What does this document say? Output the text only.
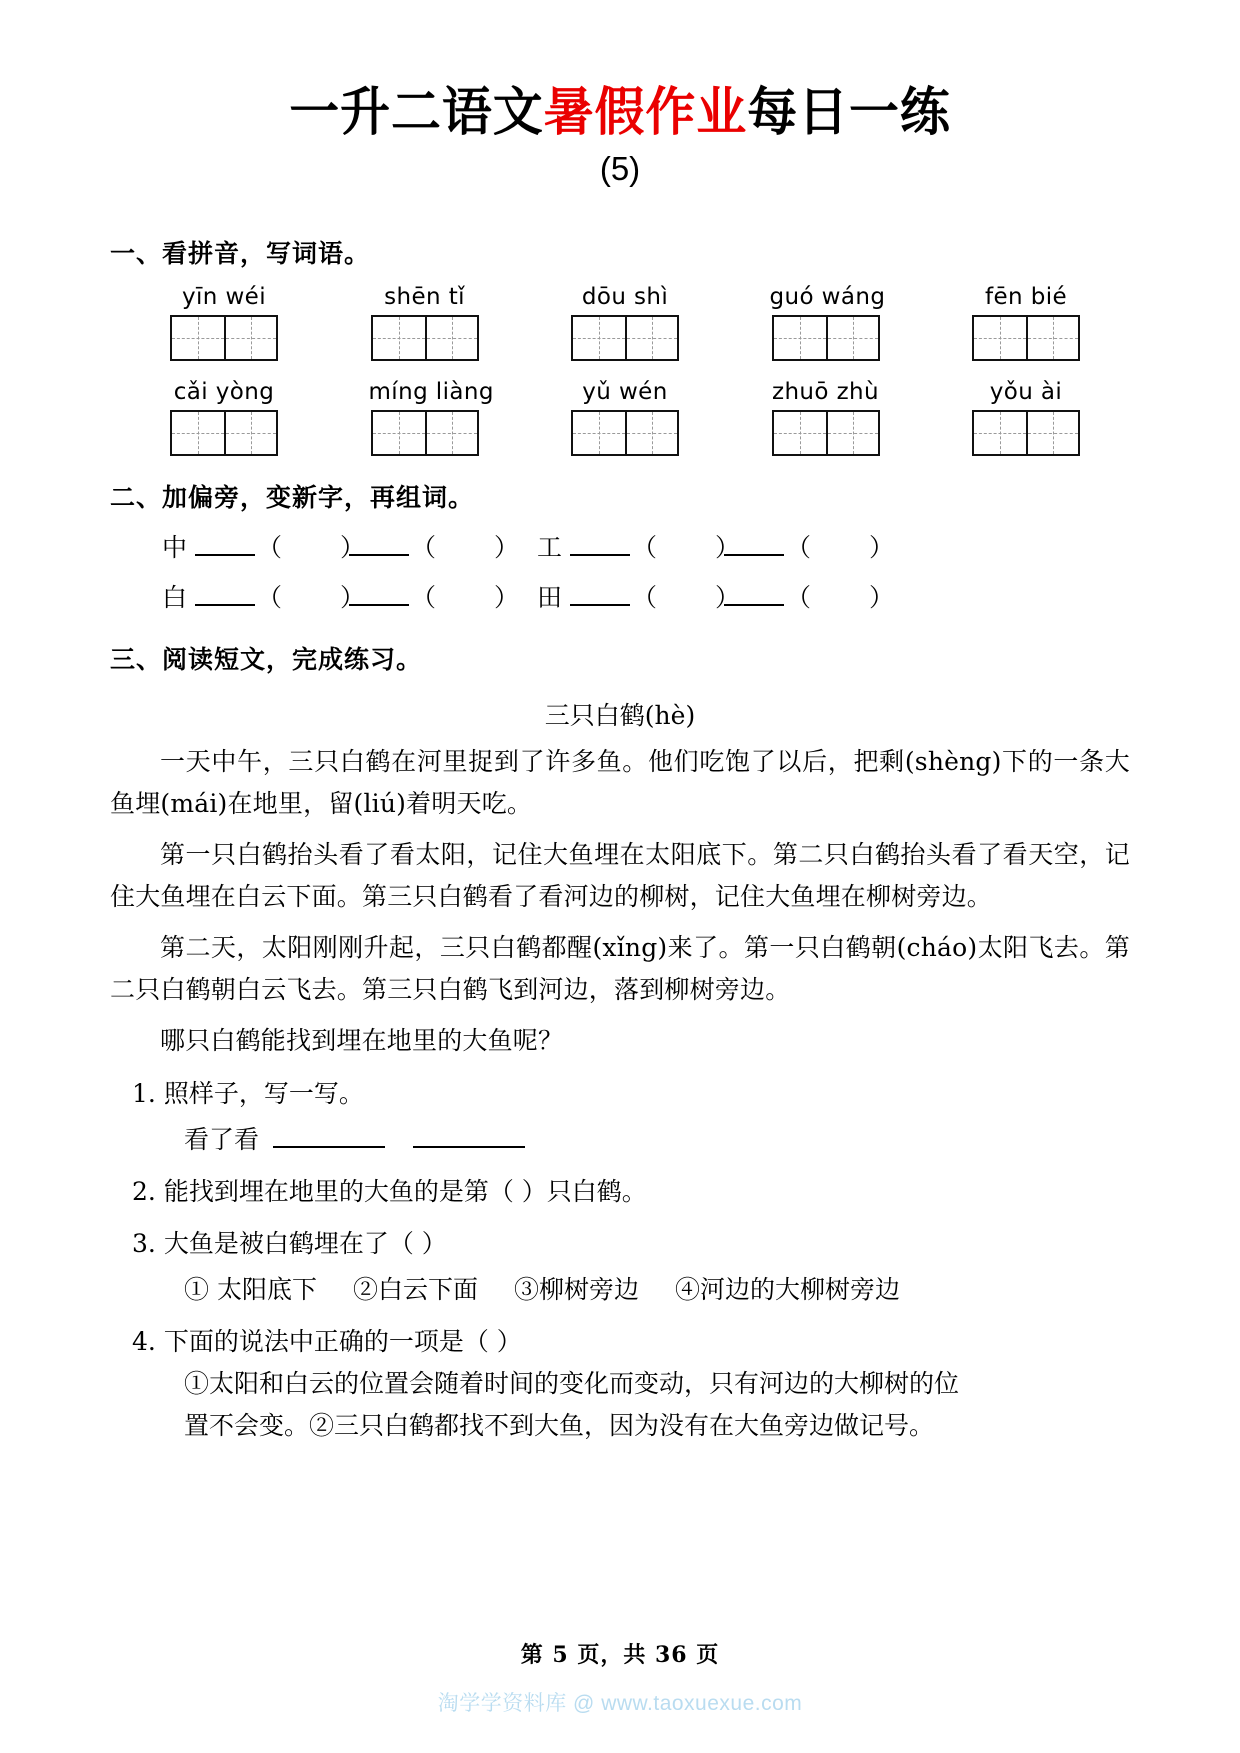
一升二语文暑假作业每日一练
(5)
一、看拼音，写词语。
yīn wéi	shēn tǐ	dōu shì	guó wáng	fēn bié
cǎi yòng	míng liàng	yǔ wén	zhuō zhù	yǒu ài
二、加偏旁，变新字，再组词。
中	（ ） （ ） 工	（ ） （ ）
白	（ ） （ ） 田	（ ） （ ）
三、阅读短文，完成练习。
三只白鹤(hè)
一天中午，三只白鹤在河里捉到了许多鱼。他们吃饱了以后，把剩(shèng)下的一条大鱼埋(mái)在地里，留(liú)着明天吃。
第一只白鹤抬头看了看太阳，记住大鱼埋在太阳底下。第二只白鹤抬头看了看天空，记住大鱼埋在白云下面。第三只白鹤看了看河边的柳树，记住大鱼埋在柳树旁边。
第二天，太阳刚刚升起，三只白鹤都醒(xǐng)来了。第一只白鹤朝(cháo)太阳飞去。第二只白鹤朝白云飞去。第三只白鹤飞到河边，落到柳树旁边。
哪只白鹤能找到埋在地里的大鱼呢？
1. 照样子，写一写。
看了看
2. 能找到埋在地里的大鱼的是第（ ）只白鹤。
3. 大鱼是被白鹤埋在了（ ）
① 太阳底下 ②白云下面 ③柳树旁边 ④河边的大柳树旁边
4. 下面的说法中正确的一项是（ ）
①太阳和白云的位置会随着时间的变化而变动，只有河边的大柳树的位
置不会变。②三只白鹤都找不到大鱼，因为没有在大鱼旁边做记号。
第 5 页，共 36 页
淘学学资料库 @ www.taoxuexue.com
